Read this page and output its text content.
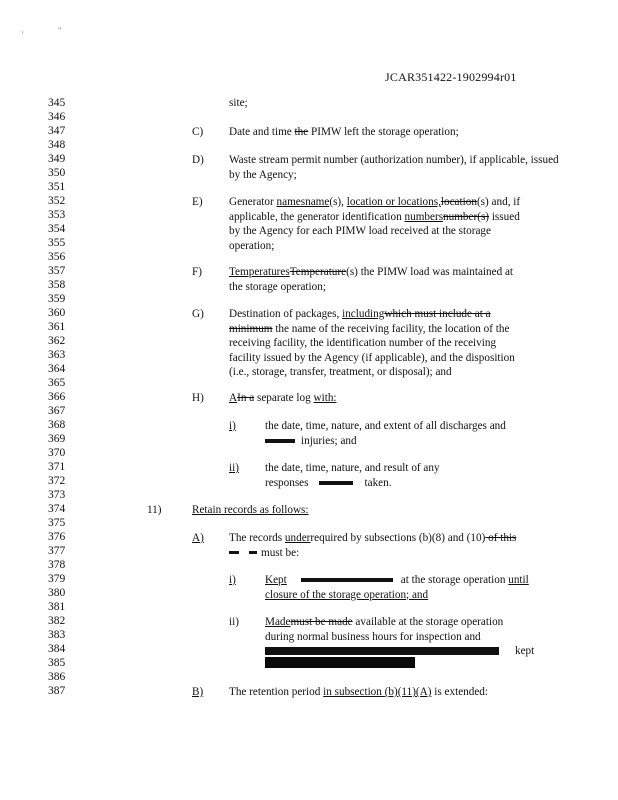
JCAR351422-1902994r01
'	"
345
346
347
348
349
350
351
352
353
354
355
356
357
358
359
360
361
362
363
364
365
366
367
368
369
370
371
372
373
374
375
376
377
378
379
380
381
382
383
384
385
386
387
site;
C) Date and time the PIMW left the storage operation;
D) Waste stream permit number (authorization number), if applicable, issued by the Agency;
E) Generator namesname(s), location or locations,location(s) and, if
applicable, the generator identification numbersnumber(s) issued
by the Agency for each PIMW load received at the storage
operation;
F) TemperaturesTemperature(s) the PIMW load was maintained at
the storage operation;
G) Destination of packages, includingwhich must include at a
minimum the name of the receiving facility, the location of the
receiving facility, the identification number of the receiving
facility issued by the Agency (if applicable), and the disposition
(i.e., storage, transfer, treatment, or disposal); and
H) AIn a separate log with:
i)	the date, time, nature, and extent of all discharges and
injuries; and
ii) the date, time, nature, and result of any
responses	taken.
11)	Retain records as follows:
A) The records underrequired by subsections (b)(8) and (10) of this
must be:
i)	Kept	at the storage operation until
closure of the storage operation; and
ii) Mademust be made available at the storage operation
during normal business hours for inspection and
kept
B) The retention period in subsection (b)(11)(A) is extended:
